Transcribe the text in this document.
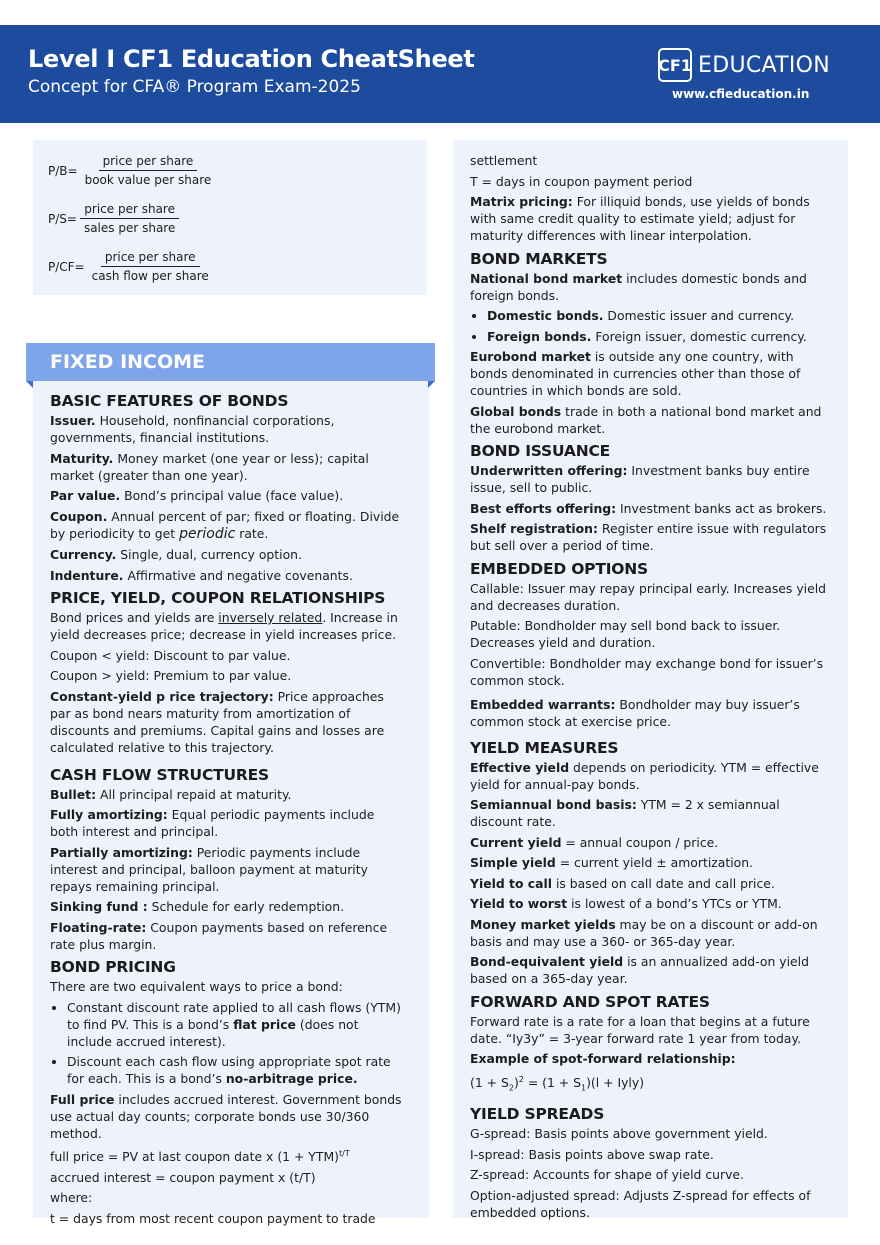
Level I CF1 Education CheatSheet
Concept for CFA® Program Exam-2025
CF1 EDUCATION
www.cfieducation.in
$P/B= \frac{\text{price per share}}{\text{book value per share}}$
$P/S= \frac{\text{price per share}}{\text{sales per share}}$
$P/CF= \frac{\text{price per share}}{\text{cash flow per share}}$
FIXED INCOME
BASIC FEATURES OF BONDS

Issuer. Household, nonfinancial corporations, governments, financial institutions.

Maturity. Money market (one year or less); capital market (greater than one year).

Par value. Bond’s principal value (face value).

Coupon. Annual percent of par; fixed or floating. Divide by periodicity to get periodic rate.

Currency. Single, dual, currency option.

Indenture. Affirmative and negative covenants.

PRICE, YIELD, COUPON RELATIONSHIPS

Bond prices and yields are inversely related. Increase in yield decreases price; decrease in yield increases price.

Coupon < yield: Discount to par value.

Coupon > yield: Premium to par value.

Constant-yield p rice trajectory: Price approaches par as bond nears maturity from amortization of discounts and premiums. Capital gains and losses are calculated relative to this trajectory.

CASH FLOW STRUCTURES

Bullet: All principal repaid at maturity.

Fully amortizing: Equal periodic payments include both interest and principal.

Partially amortizing: Periodic payments include interest and principal, balloon payment at maturity repays remaining principal.

Sinking fund : Schedule for early redemption.

Floating-rate: Coupon payments based on reference rate plus margin.

BOND PRICING

There are two equivalent ways to price a bond:

• Constant discount rate applied to all cash flows (YTM) to find PV. This is a bond’s flat price (does not include accrued interest).
• Discount each cash flow using appropriate spot rate for each. This is a bond’s no-arbitrage price.

Full price includes accrued interest. Government bonds use actual day counts; corporate bonds use 30/360 method.

full price = PV at last coupon date x (1 + YTM)$^{t/T}$

accrued interest = coupon payment x (t/T)

where:

t = days from most recent coupon payment to trade

settlement

T = days in coupon payment period

Matrix pricing: For illiquid bonds, use yields of bonds with same credit quality to estimate yield; adjust for maturity differences with linear interpolation.

BOND MARKETS

National bond market includes domestic bonds and foreign bonds.

• Domestic bonds. Domestic issuer and currency.
• Foreign bonds. Foreign issuer, domestic currency.

Eurobond market is outside any one country, with bonds denominated in currencies other than those of countries in which bonds are sold.

Global bonds trade in both a national bond market and the eurobond market.

BOND ISSUANCE

Underwritten offering: Investment banks buy entire issue, sell to public.

Best efforts offering: Investment banks act as brokers.

Shelf registration: Register entire issue with regulators but sell over a period of time.

EMBEDDED OPTIONS

Callable: Issuer may repay principal early. Increases yield and decreases duration.

Putable: Bondholder may sell bond back to issuer. Decreases yield and duration.

Convertible: Bondholder may exchange bond for issuer’s common stock.

Embedded warrants: Bondholder may buy issuer’s common stock at exercise price.

YIELD MEASURES

Effective yield depends on periodicity. YTM = effective yield for annual-pay bonds.

Semiannual bond basis: YTM = 2 x semiannual discount rate.

Current yield = annual coupon / price.

Simple yield = current yield ± amortization.

Yield to call is based on call date and call price.

Yield to worst is lowest of a bond’s YTCs or YTM.

Money market yields may be on a discount or add-on basis and may use a 360- or 365-day year.

Bond-equivalent yield is an annualized add-on yield based on a 365-day year.

FORWARD AND SPOT RATES

Forward rate is a rate for a loan that begins at a future date. “Iy3y” = 3-year forward rate 1 year from today.

Example of spot-forward relationship:

$(1 + S_2)^2 = (1 + S_1)(l$ + Iyly)

YIELD SPREADS

G-spread: Basis points above government yield.

I-spread: Basis points above swap rate.

Z-spread: Accounts for shape of yield curve.

Option-adjusted spread: Adjusts Z-spread for effects of embedded options.
